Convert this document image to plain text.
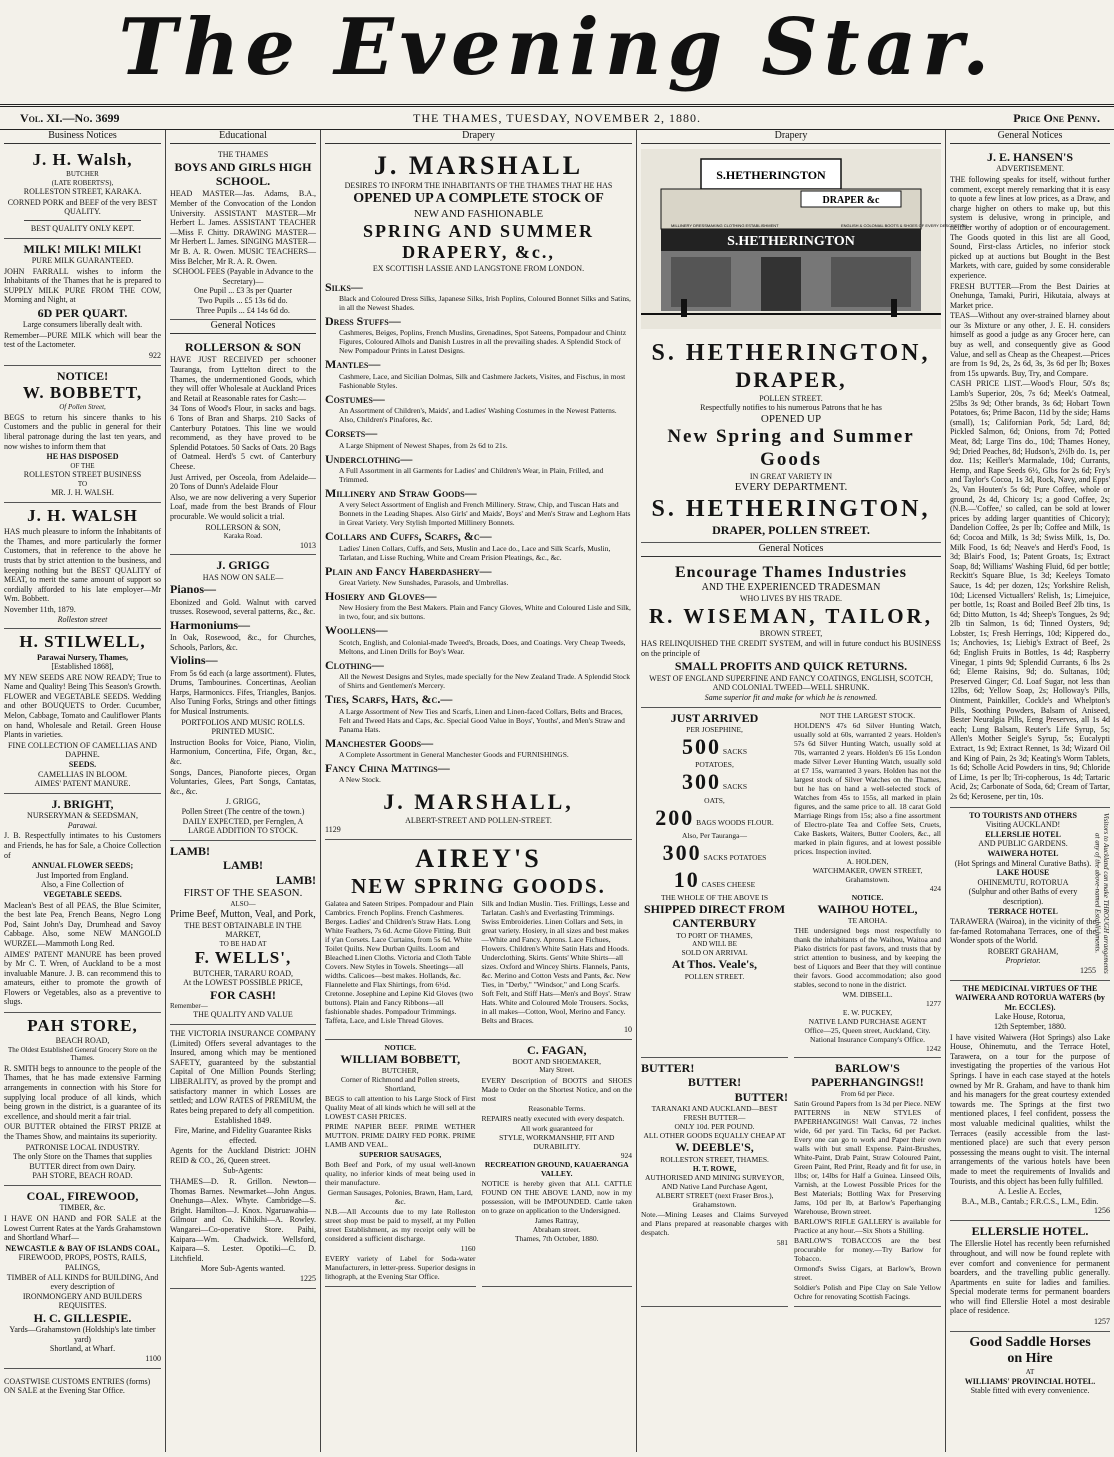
The Evening Star.
Vol. XI.—No. 3699	THE THAMES, TUESDAY, NOVEMBER 2, 1880.	Price One Penny.
Business Notices
J. H. Walsh,
BUTCHER
(LATE ROBERTS'S),
ROLLESTON STREET, KARAKA.

CORNED PORK and BEEF of the very BEST QUALITY.

BEST QUALITY ONLY KEPT.
MILK! MILK! MILK!
PURE MILK GUARANTEED.

JOHN FARRALL wishes to inform the Inhabitants of the Thames that he is prepared to SUPPLY MILK PURE FROM THE COW, Morning and Night, at

6D PER QUART.
Large consumers liberally dealt with.

Remember—PURE MILK which will bear the test of the Lactometer.

922
NOTICE!
W. BOBBETT,
Of Pollen Street,

BEGS to return his sincere thanks to his Customers and the public in general for their liberal patronage during the last ten years, and now wishes to inform them that

HE HAS DISPOSED
OF THE
ROLLESTON STREET BUSINESS
TO
MR. J. H. WALSH.
J. H. WALSH

HAS much pleasure to inform the Inhabitants of the Thames, and more particularly the former Customers, that in reference to the above he trusts that by strict attention to the business, and keeping nothing but the BEST QUALITY of MEAT, to merit the same amount of support so cordially afforded to his late employer—Mr Wm. Bobbett.

November 11th, 1879.
Rolleston street
H. STILWELL,
Parawai Nursery, Thames,
[Established 1868],

MY NEW SEEDS ARE NOW READY; True to Name and Quality! Being This Season's Growth. FLOWER and VEGETABLE SEEDS. Wedding and other BOUQUETS to Order. Cucumber, Melon, Cabbage, Tomato and Cauliflower Plants on hand, Wholesale and Retail. Green House Plants in varieties.

FINE COLLECTION OF CAMELLIAS AND DAPHNE.
SEEDS.
CAMELLIAS IN BLOOM.
AIMES' PATENT MANURE.
J. BRIGHT,
NURSERYMAN & SEEDSMAN,
Parawai.

J. B. Respectfully intimates to his Customers and Friends, he has for Sale, a Choice Collection of

ANNUAL FLOWER SEEDS;
Just Imported from England.
Also, a Fine Collection of
VEGETABLE SEEDS.

Maclean's Best of all PEAS, the Blue Scimiter, the best late Pea, French Beans, Negro Long Pod, Saint John's Day, Drumhead and Savoy Cabbage. Also, some NEW MANGOLD WURZEL—Mammoth Long Red.

AIMES' PATENT MANURE has been proved by Mr C. T. Wren, of Auckland to be a most invaluable Manure. J. B. can recommend this to amateurs, either to promote the growth of Flowers or Vegetables, also as a preventive to slugs.

PAH STORE,
BEACH ROAD,
The Oldest Established General Grocery Store on the Thames.

R. SMITH begs to announce to the people of the Thames, that he has made extensive Farming arrangements in connection with his Store for supplying local produce of all kinds, which being grown in the district, is a guarantee of its excellence, and should merit a fair trial.

OUR BUTTER obtained the FIRST PRIZE at the Thames Show, and maintains its superiority.

PATRONISE LOCAL INDUSTRY.
The only Store on the Thames that supplies BUTTER direct from own Dairy.
PAH STORE, BEACH ROAD.
COAL, FIREWOOD,
TIMBER, &c.

I HAVE ON HAND and FOR SALE at the Lowest Current Rates at the Yards Grahamstown and Shortland Wharf—

NEWCASTLE & BAY OF ISLANDS COAL,
FIREWOOD, PROPS, POSTS, RAILS, PALINGS,
TIMBER of ALL KINDS for BUILDING, And every description of
IRONMONGERY AND BUILDERS REQUISITES.
H. C. GILLESPIE.
Yards—Grahamstown (Holdship's late timber yard)
Shortland, at Wharf.
1100

COASTWISE CUSTOMS ENTRIES (forms) ON SALE at the Evening Star Office.

Educational
THE THAMES
BOYS AND GIRLS HIGH
SCHOOL.

HEAD MASTER—Jas. Adams, B.A., Member of the Convocation of the London University. ASSISTANT MASTER—Mr Herbert L. James. ASSISTANT TEACHER—Miss F. Chitty. DRAWING MASTER—Mr Herbert L. James. SINGING MASTER—Mr B. A. R. Owen. MUSIC TEACHERS—Miss Belcher, Mr R. A. R. Owen.

SCHOOL FEES (Payable in Advance to the Secretary)—
One Pupil ... £3 3s per Quarter
Two Pupils ... £5 13s 6d do.
Three Pupils ... £4 14s 6d do.
General Notices
ROLLERSON & SON

HAVE JUST RECEIVED per schooner Tauranga, from Lyttelton direct to the Thames, the undermentioned Goods, which they will offer Wholesale at Auckland Prices and Retail at Reasonable rates for Cash:—

34 Tons of Wood's Flour, in sacks and bags. 6 Tons of Bran and Sharps. 210 Sacks of Canterbury Potatoes. This line we would recommend, as they have proved to be Splendid Potatoes. 50 Sacks of Oats. 20 Bags of Oatmeal. Herd's 5 cwt. of Canterbury Cheese.

Just Arrived, per Osceola, from Adelaide—20 Tons of Dunn's Adelaide Flour

Also, we are now delivering a very Superior Loaf, made from the best Brands of Flour procurable. We would solicit a trial.

ROLLERSON & SON,
Karaka Road.
1013
J. GRIGG
HAS NOW ON SALE—
Pianos—

Ebonized and Gold. Walnut with carved trusses. Rosewood, several patterns, &c., &c.

Harmoniums—

In Oak, Rosewood, &c., for Churches, Schools, Parlors, &c.

Violins—

From 5s 6d each (a large assortment). Flutes, Drums, Tambourines. Concertinas, Aeolian Harps, Harmoniccs. Fifes, Triangles, Banjos. Also Tuning Forks, Strings and other fittings for Musical Instruments.

PORTFOLIOS AND MUSIC ROLLS. PRINTED MUSIC.

Instruction Books for Voice, Piano, Violin, Harmonium, Concertina, Fife, Organ, &c., &c.

Songs, Dances, Pianoforte pieces, Organ Voluntaries, Glees, Part Songs, Cantatas, &c., &c.

J. GRIGG,
Pollen Street (The centre of the town.)
DAILY EXPECTED, per Fernglen, A LARGE ADDITION TO STOCK.
LAMB!
LAMB!
LAMB!
FIRST OF THE SEASON.
ALSO—
Prime Beef, Mutton, Veal, and Pork,
THE BEST OBTAINABLE IN THE MARKET,
TO BE HAD AT
F. WELLS',
BUTCHER, TARARU ROAD,
At the LOWEST POSSIBLE PRICE,
FOR CASH!
Remember—
THE QUALITY AND VALUE

THE VICTORIA INSURANCE COMPANY (Limited) Offers several advantages to the Insured, among which may be mentioned SAFETY, guaranteed by the substantial Capital of One Million Pounds Sterling; LIBERALITY, as proved by the prompt and satisfactory manner in which Losses are settled; and LOW RATES of PREMIUM, the Rates being prepared to defy all competition.

Established 1849.
Fire, Marine, and Fidelity Guarantee Risks effected.

Agents for the Auckland District: JOHN REID & CO., 26, Queen street.

Sub-Agents:

THAMES—D. R. Grillon. Newton—Thomas Barnes. Newmarket—John Angus. Onehunga—Alex. Whyte. Cambridge—S. Bright. Hamilton—J. Knox. Ngaruawahia—Gilmour and Co. Kihikihi—A. Rowley. Wangarei—Co-operative Store. Paihi, Kaipara—Wm. Chadwick. Wellsford, Kaipara—S. Lester. Opotiki—C. D. Litchfield.

More Sub-Agents wanted.
1225
Drapery
J. MARSHALL
DESIRES TO INFORM THE INHABITANTS OF THE THAMES THAT HE HAS
OPENED UP A COMPLETE STOCK OF
NEW AND FASHIONABLE
SPRING AND SUMMER DRAPERY, &c.,
EX SCOTTISH LASSIE AND LANGSTONE FROM LONDON.
Silks—
Black and Coloured Dress Silks, Japanese Silks, Irish Poplins, Coloured Bonnet Silks and Satins, in all the Newest Shades.
Dress Stuffs—
Cashmeres, Beiges, Poplins, French Muslins, Grenadines, Spot Sateens, Pompadour and Chintz Figures, Coloured Alhols and Danish Lustres in all the prevailing shades. A Splendid Stock of New Pompadour Prints in Latest Designs.
Mantles—
Cashmere, Lace, and Sicilian Dolmas, Silk and Cashmere Jackets, Visites, and Fischus, in most Fashionable Styles.
Costumes—
An Assortment of Children's, Maids', and Ladies' Washing Costumes in the Newest Patterns. Also, Children's Pinafores, &c.
Corsets—
A Large Shipment of Newest Shapes, from 2s 6d to 21s.
Underclothing—
A Full Assortment in all Garments for Ladies' and Children's Wear, in Plain, Frilled, and Trimmed.
Millinery and Straw Goods—
A very Select Assortment of English and French Millinery. Straw, Chip, and Tuscan Hats and Bonnets in the Leading Shapes. Also Girls' and Maids', Boys' and Men's Straw and Leghorn Hats in Great Variety. Very Stylish Imported Millinery Bonnets.
Collars and Cuffs, Scarfs, &c—
Ladies' Linen Collars, Cuffs, and Sets, Muslin and Lace do., Lace and Silk Scarfs, Muslin, Tarlatan, and Lisse Ruching, White and Cream Prision Pleatings, &c., &c.
Plain and Fancy Haberdashery—
Great Variety. New Sunshades, Parasols, and Umbrellas.
Hosiery and Gloves—
New Hosiery from the Best Makers. Plain and Fancy Gloves, White and Coloured Lisle and Silk, in two, four, and six buttons.
Woollens—
Scotch, English, and Colonial-made Tweed's, Broads, Does, and Coatings. Very Cheap Tweeds, Meltons, and Linen Drills for Boy's Wear.
Clothing—
All the Newest Designs and Styles, made specially for the New Zealand Trade. A Splendid Stock of Shirts and Gentlemen's Mercery.
Ties, Scarfs, Hats, &c.—
A Large Assortment of New Ties and Scarfs, Linen and Linen-faced Collars, Belts and Braces, Felt and Tweed Hats and Caps, &c. Special Good Value in Boys', Youths', and Men's Straw and Panama Hats.
Manchester Goods—
A Complete Assortment in General Manchester Goods and FURNISHINGS.
Fancy China Mattings—
A New Stock.
J. MARSHALL,
ALBERT-STREET AND POLLEN-STREET.
1129
AIREY'S
NEW SPRING GOODS.
Galatea and Sateen Stripes. Pompadour and Plain Cambrics. French Poplins. French Cashmeres. Berges. Ladies' and Children's Straw Hats. Long White Feathers, 7s 6d. Acme Glove Fitting. Buit if y'an Corsets. Lace Curtains, from 5s 6d. White Toilet Quilts. New Durban Quilts. Loom and Bleached Linen Cloths. Victoria and Cloth Table Covers. New Styles in Towels. Sheetings—all widths. Calicoes—best makes. Hollands, &c. Flannelette and Flax Shirtings, from 6½d. Cretonne. Josephine and Lepine Kid Gloves (two buttons). Plain and Fancy Ribbons—all fashionable shades. Pompadour Trimmings. Taffeta, Lace, and Lisle Thread Gloves.
Silk and Indian Muslin. Ties. Frillings, Lesse and Tarlatan. Cash's and Everlasting Trimmings. Swiss Embroideries. Linen Collars and Sets, in great variety. Hosiery, in all sizes and best makes—White and Fancy. Aprons. Lace Fichues, Flowers. Children's White Satin Hats and Hoods. Underclothing. Skirts. Gents' White Shirts—all sizes. Oxford and Wincey Shirts. Flannels, Pants, &c. Merino and Cotton Vests and Pants, &c. New Ties, in "Derby," "Windsor," and Long Scarfs. Soft Felt, and Stiff Hats—Men's and Boys'. Straw Hats. White and Coloured Mole Trousers. Socks, in all makes—Cotton, Wool, Merino and Fancy. Belts and Braces.
10
NOTICE.
WILLIAM BOBBETT,
BUTCHER,
Corner of Richmond and Pollen streets, Shortland,

BEGS to call attention to his Large Stock of First Quality Meat of all kinds which he will sell at the LOWEST CASH PRICES.

PRIME NAPIER BEEF. PRIME WETHER MUTTON. PRIME DAIRY FED PORK. PRIME LAMB AND VEAL.

SUPERIOR SAUSAGES,

Both Beef and Pork, of my usual well-known quality, no inferior kinds of meat being used in their manufacture.

German Sausages, Polonies, Brawn, Ham, Lard, &c.

N.B.—All Accounts due to my late Rolleston street shop must be paid to myself, at my Pollen street Establishment, as my receipt only will be considered a sufficient discharge.

1160

EVERY variety of Label for Soda-water Manufacturers, in letter-press. Superior designs in lithograph, at the Evening Star Office.

C. FAGAN,
BOOT AND SHOEMAKER,
Mary Street.

EVERY Description of BOOTS and SHOES Made to Order on the Shortest Notice, and on the most

Reasonable Terms.

REPAIRS neatly executed with every despatch.

All work guaranteed for
STYLE, WORKMANSHIP, FIT AND DURABILITY.
924
RECREATION GROUND, KAUAERANGA VALLEY.

NOTICE is hereby given that ALL CATTLE FOUND ON THE ABOVE LAND, now in my possession, will be IMPOUNDED. Cattle taken on to graze on application to the Undersigned.

James Rattray,
Abraham street.
Thames, 7th October, 1880.
Drapery
S.HETHERINGTON
DRAPER &c
S.HETHERINGTON
MILLINERY DRESSMAKING CLOTHING ESTABLISHMENT	ENGLISH & COLONIAL BOOTS & SHOES OF EVERY DESCRIPTION
S. HETHERINGTON,
DRAPER,
POLLEN STREET.
Respectfully notifies to his numerous Patrons that he has
OPENED UP
New Spring and Summer Goods
IN GREAT VARIETY IN
EVERY DEPARTMENT.
S. HETHERINGTON,
DRAPER, POLLEN STREET.
General Notices
Encourage Thames Industries
AND THE EXPERIENCED TRADESMAN
WHO LIVES BY HIS TRADE.
R. WISEMAN, TAILOR,
BROWN STREET,

HAS RELINQUISHED THE CREDIT SYSTEM, and will in future conduct his BUSINESS on the principle of

SMALL PROFITS AND QUICK RETURNS.
WEST OF ENGLAND SUPERFINE AND FANCY COATINGS, ENGLISH, SCOTCH, AND COLONIAL TWEED—WELL SHRUNK.
Same superior fit and make for which he is renowned.
JUST ARRIVED
PER JOSEPHINE,
500 SACKS
POTATOES,
300 SACKS
OATS,
200 BAGS WOODS FLOUR.
Also, Per Tauranga—
300 SACKS POTATOES
10 CASES CHEESE
THE WHOLE OF THE ABOVE IS
SHIPPED DIRECT FROM CANTERBURY
TO PORT OF THAMES,
AND WILL BE
SOLD ON ARRIVAL
At Thos. Veale's,
POLLEN STREET.
NOT THE LARGEST STOCK.

HOLDEN'S 47s 6d Silver Hunting Watch, usually sold at 60s, warranted 2 years. Holden's 57s 6d Silver Hunting Watch, usually sold at 70s, warranted 2 years. Holden's £6 15s London made Silver Lever Hunting Watch, usually sold at £7 15s, warranted 3 years. Holden has not the largest stock of Silver Watches on the Thames, but he has on hand a well-selected stock of Watches from 45s to 155s, all marked in plain figures, and the same price to all. 18 carat Gold Marriage Rings from 15s; also a fine assortment of Electro-plate Tea and Coffee Sets, Cruets, Cake Baskets, Waiters, Butter Coolers, &c., all marked in plain figures, and at lowest possible prices. Inspection invited.

A. HOLDEN,
WATCHMAKER, OWEN STREET, Grahamstown.
424
NOTICE.
WAIHOU HOTEL,
TE AROHA.

THE undersigned begs most respectfully to thank the inhabitants of the Waihou, Waitoa and Piako districts for past favors, and trusts that by strict attention to business, and by keeping the best of Liquors and Beer that they will continue their favors. Good accommodation; also good stables, second to none in the district.

WM. DIBSELL.
1277
E. W. PUCKEY,
NATIVE LAND PURCHASE AGENT
Office—25, Queen street, Auckland, City.
National Insurance Company's Office.
1242
BUTTER!
BUTTER!
BUTTER!
TARANAKI AND AUCKLAND—BEST FRESH BUTTER—
ONLY 10d. PER POUND.
ALL OTHER GOODS EQUALLY CHEAP AT
W. DEEBLE'S,
ROLLESTON STREET, THAMES.
H. T. ROWE,
AUTHORISED AND MINING SURVEYOR, AND Native Land Purchase Agent,
ALBERT STREET (next Fraser Bros.), Grahamstown.

Note.—Mining Leases and Claims Surveyed and Plans prepared at reasonable charges with despatch.

581
BARLOW'S
PAPERHANGINGS!!
From 6d per Piece.

Satin Ground Papers from 1s 3d per Piece. NEW PATTERNS in NEW STYLES of PAPERHANGINGS! Wall Canvas, 72 inches wide, 6d per yard. Tin Tacks, 6d per Packet. Every one can go to work and Paper their own walls with but small Expense. Paint-Brushes, White-Paint, Drab Paint, Straw Coloured Paint, Green Paint, Red Print, Ready and fit for use, in 1lbs; or, 14lbs for Half a Guinea. Linseed Oils, Varnish, at the Lowest Possible Prices for the Best Materials; Bottling Wax for Preserving Jams, 10d per lb, at Barlow's Paperhanging Warehouse, Brown street.

BARLOW'S RIFLE GALLERY is available for Practice at any hour.—Six Shots a Shilling.

BARLOW'S TOBACCOS are the best procurable for money.—Try Barlow for Tobacco.

Ormond's Swiss Cigars, at Barlow's, Brown street.

Soldier's Polish and Pipe Clay on Sale Yellow Ochre for renovating Scottish Facings.

General Notices
J. E. HANSEN'S
ADVERTISEMENT.

THE following speaks for itself, without further comment, except merely remarking that it is easy to quote a few lines at low prices, as a Draw, and charge higher on others to make up, but this system is delusive, wrong in principle, and neither worthy of adoption or of encouragement. The Goods quoted in this list are all Good, Sound, First-class Articles, no inferior stock picked up at auctions but Bought in the Best Markets, with care, guided by some considerable experience.

FRESH BUTTER—From the Best Dairies at Onehunga, Tamaki, Puriri, Hikutaia, always at Market price.

TEAS—Without any over-strained blarney about our 3s Mixture or any other, J. E. H. considers himself as good a judge as any Grocer here, can buy as well, and consequently give as Good Value, and sell as Cheap as the Cheapest.—Prices are from 1s 9d, 2s, 2s 6d, 3s, 3s 6d per lb; Boxes from 15s upwards. Buy, Try, and Compare.

CASH PRICE LIST.—Wood's Flour, 50's 8s; Lamb's Superior, 20s, 7s 6d; Meek's Oatmeal, 25lbs 3s 9d; Other brands, 3s 6d; Hobart Town Potatoes, 6s; Prime Bacon, 11d by the side; Hams (small), 1s; Californian Pork, 5d; Lard, 8d; Pickled Salmon, 6d; Onions, from 7d; Potted Meat, 8d; Large Tins do., 10d; Thames Honey, 9d; Dried Peaches, 8d; Hudson's, 2½lb do. 1s, per doz. 11s; Keiller's Marmalade, 10d; Currants, Hemp, and Rape Seeds 6½, Glbs for 2s 6d; Fry's and Taylor's Cocoa, 1s 3d, Rock, Navy, and Epps' 2s, Van Houten's 5s 6d; Pure Coffee, whole or ground, 2s 4d, Chicory 1s; a good Coffee, 2s; (N.B.—'Coffee,' so called, can be sold at lower prices by adding larger quantities of Chicory); Dandelion Coffee, 2s per lb; Coffee and Milk, 1s 6d; Cocoa and Milk, 1s 3d; Swiss Milk, 1s, Do. Milk Food, 1s 6d; Neave's and Herd's Food, 1s 3d; Blair's Food, 1s; Patent Groats, 1s; Extract Soap, 8d; Williams' Washing Fluid, 6d per bottle; Reckitt's Square Blue, 1s 3d; Keeleys Tomato Sauce, 1s 4d; per dozen, 12s; Yorkshire Relish, 10d; Licensed Victuallers' Relish, 1s; Limejuice, per bottle, 1s; Roast and Boiled Beef 2lb tins, 1s 6d; Ditto Mutton, 1s 4d; Sheep's Tongues, 2s 9d; 2lb tin Salmon, 1s 6d; Tinned Oysters, 9d; Lobster, 1s; Fresh Herrings, 10d; Kippered do., 1s; Anchovies, 1s; Liebig's Extract of Beef, 2s 6d; English Fruits in Bottles, 1s 4d; Raspberry Vinegar, 1 pints 9d; Splendid Currants, 6 lbs 2s 6d; Eleme Raisins, 9d; do. Sultanas, 10d; Preserved Ginger; Cd. Loaf Sugar, not less than 12lbs, 6d; Yellow Soap, 2s; Holloway's Pills, Ointment, Painkiller, Cockle's and Whelpton's Pills, Soothing Powders, Balsam of Aniseed, Bester Neuralgia Pills, Eeng Preserves, all 1s 4d each; Lung Balsam, Reuter's Life Syrup, 5s; Allen's Mother Seigle's Syrup, 5s; Eucalypti Extract, 1s 9d; Extract Rennet, 1s 3d; Wizard Oil and King of Pain, 2s 3d; Keating's Worm Tablets, 1s 6d; Scholle Acid Powders in tins, 9d; Chloride of Lime, 1s per lb; Tri-copherous, 1s 4d; Tartaric Acid, 2s; Carbonate of Soda, 6d; Cream of Tartar, 2s 6d; Kerosene, per tin, 10s.

TO TOURISTS AND OTHERS
Visiting AUCKLAND!
ELLERSLIE HOTEL
AND PUBLIC GARDENS.
WAIWERA HOTEL
(Hot Springs and Mineral Curative Baths).
LAKE HOUSE
OHINEMUTU, ROTORUA
(Sulphur and other Baths of every description).
TERRACE HOTEL

TARAWERA (Wairoa), in the vicinity of the far-famed Rotomahana Terraces, one of the Wonder spots of the World.

ROBERT GRAHAM,
Proprietor.
1255 Visitors to Auckland can make THROUGH arrangements at any of the above-named Establishments.
THE MEDICINAL VIRTUES OF THE WAIWERA AND ROTORUA WATERS (by Mr. ECCLES).
Lake House, Rotorua,
12th September, 1880.

I have visited Waiwera (Hot Springs) also Lake House, Ohinemutu, and the Terrace Hotel, Tarawera, on a tour for the purpose of investigating the properties of the various Hot Springs. I have in each case stayed at the hotels owned by Mr R. Graham, and have to thank him and his managers for the great courtesy extended towards me. The Springs at the first two mentioned places, I feel confident, possess the most valuable medicinal qualities, whilst the Terraces (easily accessible from the last-mentioned place) are such that every person possessing the means ought to visit. The internal arrangements of the various hotels have been made to meet the requirements of Invalids and Tourists, and this object has been fully fulfilled.

A. Leslie A. Eccles,
B.A., M.B., Cantab.; F.R.C.S., L.M., Edin.
1256
ELLERSLIE HOTEL.

The Ellerslie Hotel has recently been refurnished throughout, and will now be found replete with ever comfort and convenience for permanent boarders, and the travelling public generally. Apartments en suite for ladies and families. Special moderate terms for permanent boarders who will find Ellerslie Hotel a most desirable place of residence.

1257
Good Saddle Horses
on Hire
AT
WILLIAMS' PROVINCIAL HOTEL.
Stable fitted with every convenience.
